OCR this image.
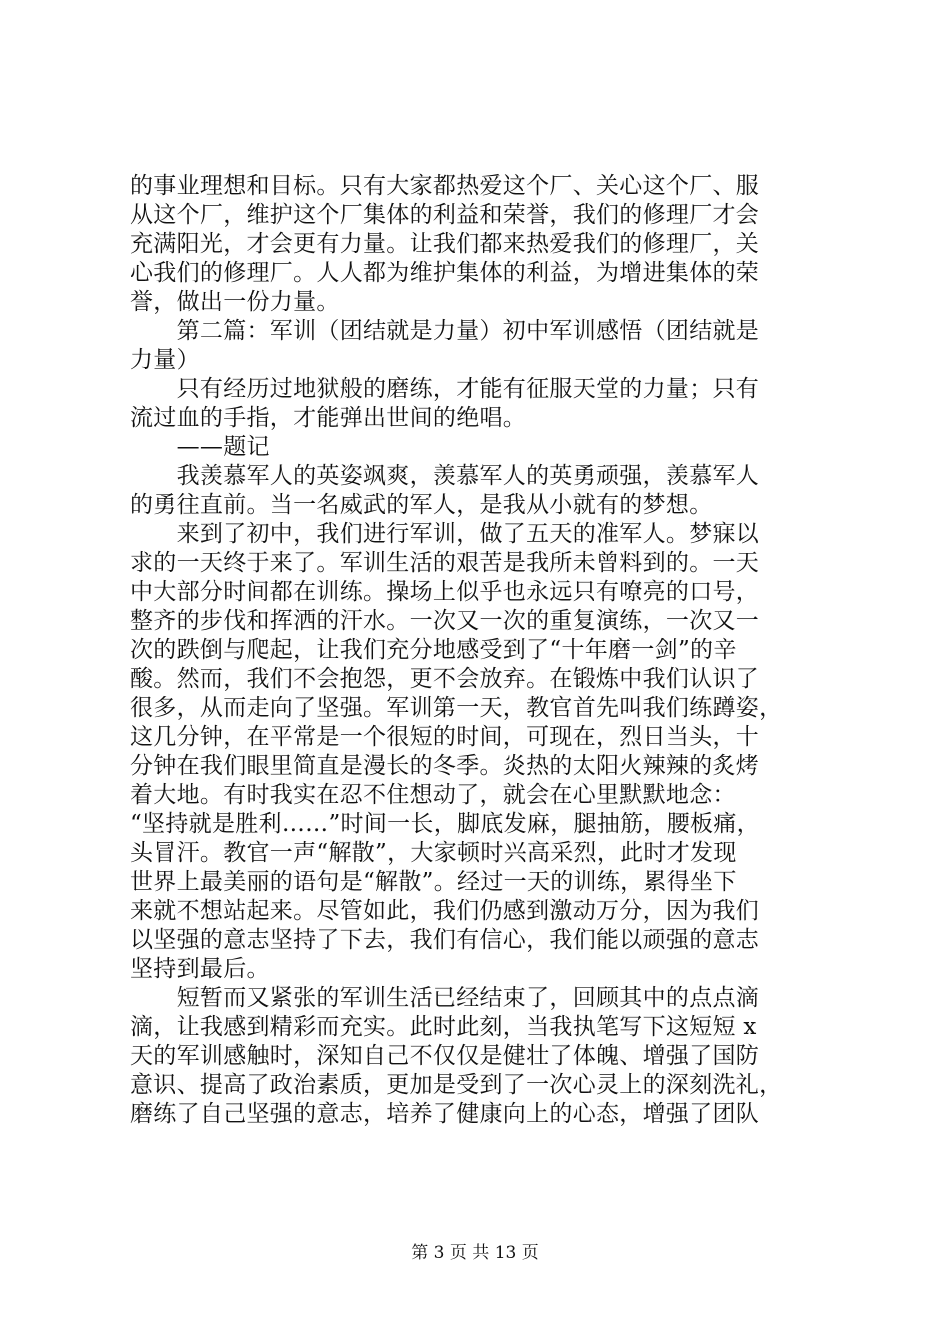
的事业理想和目标。只有大家都热爱这个厂、关心这个厂、服
从这个厂，维护这个厂集体的利益和荣誉，我们的修理厂才会
充满阳光，才会更有力量。让我们都来热爱我们的修理厂，关
心我们的修理厂。人人都为维护集体的利益，为增进集体的荣
誉，做出一份力量。
　　第二篇：军训（团结就是力量）初中军训感悟（团结就是
力量）
　　只有经历过地狱般的磨练，才能有征服天堂的力量；只有
流过血的手指，才能弹出世间的绝唱。
　　——题记
　　我羡慕军人的英姿飒爽，羡慕军人的英勇顽强，羡慕军人
的勇往直前。当一名威武的军人，是我从小就有的梦想。
　　来到了初中，我们进行军训，做了五天的准军人。梦寐以
求的一天终于来了。军训生活的艰苦是我所未曾料到的。一天
中大部分时间都在训练。操场上似乎也永远只有嘹亮的口号，
整齐的步伐和挥洒的汗水。一次又一次的重复演练，一次又一
次的跌倒与爬起，让我们充分地感受到了“十年磨一剑”的辛
酸。然而，我们不会抱怨，更不会放弃。在锻炼中我们认识了
很多，从而走向了坚强。军训第一天，教官首先叫我们练蹲姿，
这几分钟，在平常是一个很短的时间，可现在，烈日当头，十
分钟在我们眼里简直是漫长的冬季。炎热的太阳火辣辣的炙烤
着大地。有时我实在忍不住想动了，就会在心里默默地念：
“坚持就是胜利……”时间一长，脚底发麻，腿抽筋，腰板痛，
头冒汗。教官一声“解散”，大家顿时兴高采烈，此时才发现
世界上最美丽的语句是“解散”。经过一天的训练，累得坐下
来就不想站起来。尽管如此，我们仍感到激动万分，因为我们
以坚强的意志坚持了下去，我们有信心，我们能以顽强的意志
坚持到最后。
　　短暂而又紧张的军训生活已经结束了，回顾其中的点点滴
滴，让我感到精彩而充实。此时此刻，当我执笔写下这短短 x
天的军训感触时，深知自己不仅仅是健壮了体魄、增强了国防
意识、提高了政治素质，更加是受到了一次心灵上的深刻洗礼，
磨练了自己坚强的意志，培养了健康向上的心态，增强了团队
第 3 页 共 13 页
